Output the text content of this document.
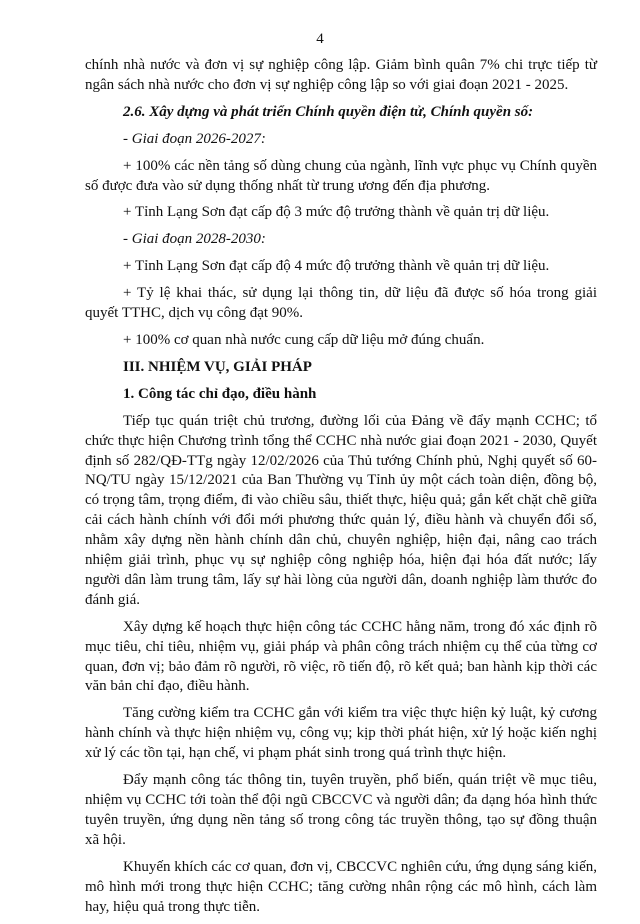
4

chính nhà nước và đơn vị sự nghiệp công lập. Giảm bình quân 7% chi trực tiếp từ ngân sách nhà nước cho đơn vị sự nghiệp công lập so với giai đoạn 2021 - 2025.

2.6. Xây dựng và phát triển Chính quyền điện tử, Chính quyền số:

- Giai đoạn 2026-2027:

+ 100% các nền tảng số dùng chung của ngành, lĩnh vực phục vụ Chính quyền số được đưa vào sử dụng thống nhất từ trung ương đến địa phương.

+ Tỉnh Lạng Sơn đạt cấp độ 3 mức độ trưởng thành về quản trị dữ liệu.

- Giai đoạn 2028-2030:

+ Tỉnh Lạng Sơn đạt cấp độ 4 mức độ trưởng thành về quản trị dữ liệu.

+ Tỷ lệ khai thác, sử dụng lại thông tin, dữ liệu đã được số hóa trong giải quyết TTHC, dịch vụ công đạt 90%.

+ 100% cơ quan nhà nước cung cấp dữ liệu mở đúng chuẩn.

III. NHIỆM VỤ, GIẢI PHÁP

1. Công tác chỉ đạo, điều hành

Tiếp tục quán triệt chủ trương, đường lối của Đảng về đẩy mạnh CCHC; tổ chức thực hiện Chương trình tổng thể CCHC nhà nước giai đoạn 2021 - 2030, Quyết định số 282/QĐ-TTg ngày 12/02/2026 của Thủ tướng Chính phủ, Nghị quyết số 60-NQ/TU ngày 15/12/2021 của Ban Thường vụ Tỉnh ủy một cách toàn diện, đồng bộ, có trọng tâm, trọng điểm, đi vào chiều sâu, thiết thực, hiệu quả; gắn kết chặt chẽ giữa cải cách hành chính với đổi mới phương thức quản lý, điều hành và chuyển đổi số, nhằm xây dựng nền hành chính dân chủ, chuyên nghiệp, hiện đại, nâng cao trách nhiệm giải trình, phục vụ sự nghiệp công nghiệp hóa, hiện đại hóa đất nước; lấy người dân làm trung tâm, lấy sự hài lòng của người dân, doanh nghiệp làm thước đo đánh giá.

Xây dựng kế hoạch thực hiện công tác CCHC hằng năm, trong đó xác định rõ mục tiêu, chỉ tiêu, nhiệm vụ, giải pháp và phân công trách nhiệm cụ thể của từng cơ quan, đơn vị; bảo đảm rõ người, rõ việc, rõ tiến độ, rõ kết quả; ban hành kịp thời các văn bản chỉ đạo, điều hành.

Tăng cường kiểm tra CCHC gắn với kiểm tra việc thực hiện kỷ luật, kỷ cương hành chính và thực hiện nhiệm vụ, công vụ; kịp thời phát hiện, xử lý hoặc kiến nghị xử lý các tồn tại, hạn chế, vi phạm phát sinh trong quá trình thực hiện.

Đẩy mạnh công tác thông tin, tuyên truyền, phổ biến, quán triệt về mục tiêu, nhiệm vụ CCHC tới toàn thể đội ngũ CBCCVC và người dân; đa dạng hóa hình thức tuyên truyền, ứng dụng nền tảng số trong công tác truyền thông, tạo sự đồng thuận xã hội.

Khuyến khích các cơ quan, đơn vị, CBCCVC nghiên cứu, ứng dụng sáng kiến, mô hình mới trong thực hiện CCHC; tăng cường nhân rộng các mô hình, cách làm hay, hiệu quả trong thực tiễn.
